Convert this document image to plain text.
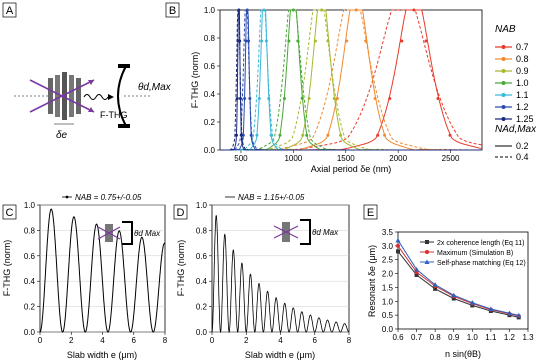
A
F-THG
θd,Max
δe
B
500	1000	1500	2000	2500
0.0
0.2
0.4
0.6
0.8
1.0
F-THG (norm)
Axial period δe (nm)
NAB
0.7
0.8
0.9
1.0
1.1
1.2
1.25
NAd,Max
0.2
0.4
C
0	2	4	6	8
0.0
0.2
0.4
0.6
0.8
1.0
NAB = 0.75+/-0.05
θd Max
F-THG (norm)
Slab width e (μm)
D
0	2	4	6	8
0.0
0.2
0.4
0.6
0.8
1.0
NAB = 1.15+/-0.05
θd Max
F-THG (norm)
Slab width e (μm)
E
0.6 0.7 0.8 0.9 1.0 1.1 1.2 1.3
0.0
0.5
1.0
1.5
2.0
2.5
3.0
3.5
2x coherence length (Eq 11)
Maximum (Simulation B)
Self-phase matching (Eq 12)
Resonant δe (μm)
n sin(θB)
